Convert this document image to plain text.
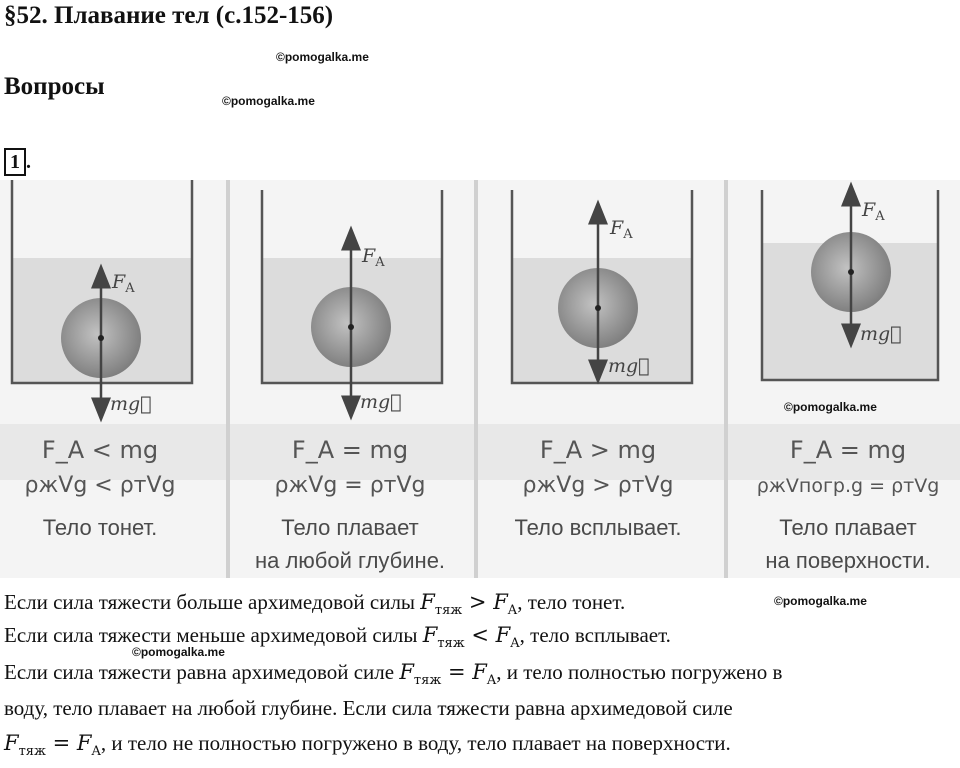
§52. Плавание тел (с.152-156)
©pomogalka.me
Вопросы
©pomogalka.me
1 .
$F_A$
mg⃗
F_A < mg
ρжVg < ρтVg
Тело тонет.
$F_A$
mg⃗
F_A = mg
ρжVg = ρтVg
Тело плавает
на любой глубине.
$F_A$
mg⃗
F_A > mg
ρжVg > ρтVg
Тело всплывает.
$F_A$
mg⃗
F_A = mg
ρжVпогр.g = ρтVg
Тело плавает
на поверхности.
©pomogalka.me
Если сила тяжести больше архимедовой силы $F_{тяж} > F_A$, тело тонет.	©pomogalka.me
Если сила тяжести меньше архимедовой силы $F_{тяж} < F_A$, тело всплывает.
©pomogalka.me
Если сила тяжести равна архимедовой силе $F_{тяж} = F_A$, и тело полностью погружено в
воду, тело плавает на любой глубине. Если сила тяжести равна архимедовой силе
$F_{тяж} = F_A$, и тело не полностью погружено в воду, тело плавает на поверхности.
